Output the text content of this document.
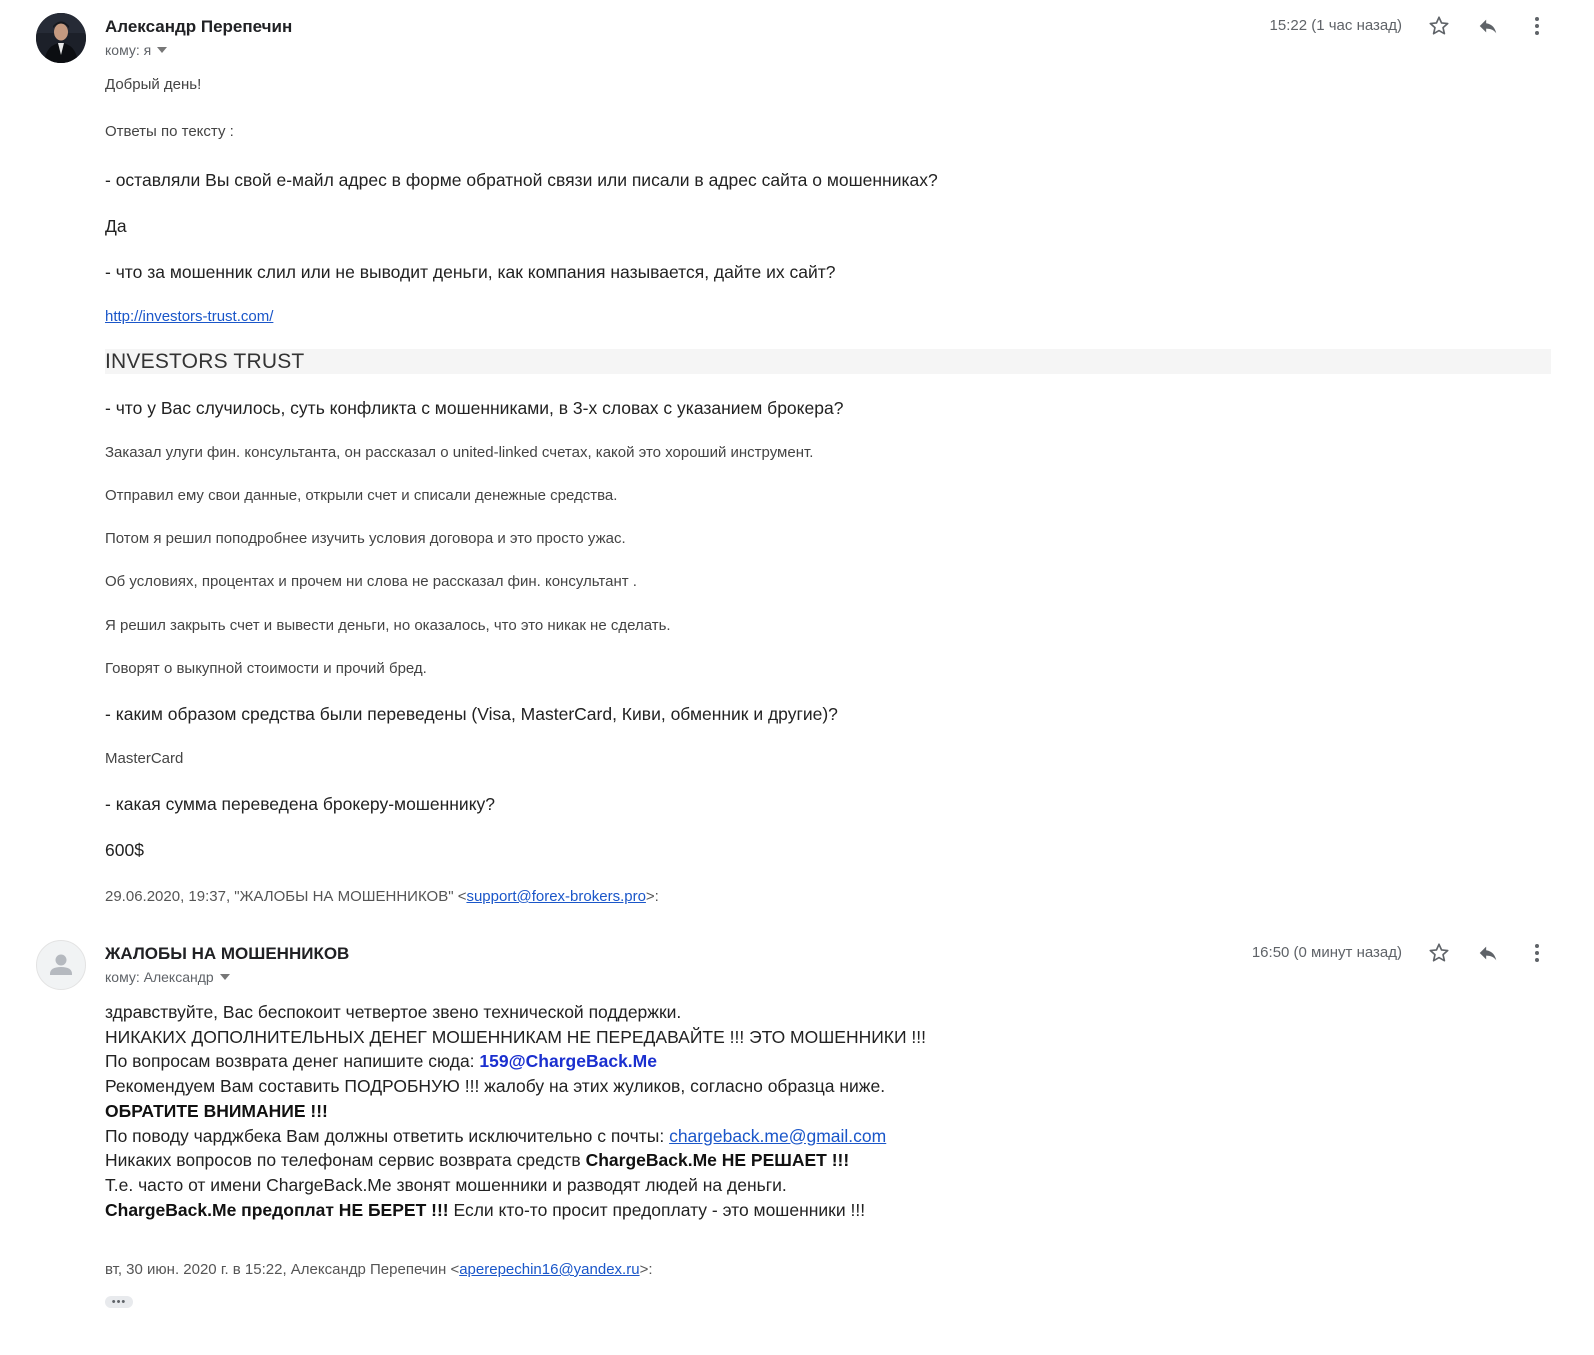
Александр Перепечин
кому: я
15:22 (1 час назад)
Добрый день!
Ответы по тексту :
- оставляли Вы свой е-майл адрес в форме обратной связи или писали в адрес сайта о мошенниках?
Да
- что за мошенник слил или не выводит деньги, как компания называется, дайте их сайт?
http://investors-trust.com/
INVESTORS TRUST
- что у Вас случилось, суть конфликта с мошенниками, в 3-х словах с указанием брокера?
Заказал улуги фин. консультанта, он рассказал о united-linked счетах, какой это хороший инструмент.
Отправил ему свои данные, открыли счет и списали денежные средства.
Потом я решил поподробнее изучить условия договора и это просто ужас.
Об условиях, процентах и прочем ни слова не рассказал фин. консультант .
Я решил закрыть счет и вывести деньги, но оказалось, что это никак не сделать.
Говорят о выкупной стоимости и прочий бред.
- каким образом средства были переведены (Visa, MasterCard, Киви, обменник и другие)?
MasterCard
- какая сумма переведена брокеру-мошеннику?
600$
29.06.2020, 19:37, "ЖАЛОБЫ НА МОШЕННИКОВ" <support@forex-brokers.pro>:
ЖАЛОБЫ НА МОШЕННИКОВ
кому: Александр
16:50 (0 минут назад)
здравствуйте, Вас беспокоит четвертое звено технической поддержки.
НИКАКИХ ДОПОЛНИТЕЛЬНЫХ ДЕНЕГ МОШЕННИКАМ НЕ ПЕРЕДАВАЙТЕ !!! ЭТО МОШЕННИКИ !!!
По вопросам возврата денег напишите сюда: 159@ChargeBack.Me
Рекомендуем Вам составить ПОДРОБНУЮ !!! жалобу на этих жуликов, согласно образца ниже.
ОБРАТИТЕ ВНИМАНИЕ !!!
По поводу чарджбека Вам должны ответить исключительно с почты: chargeback.me@gmail.com
Никаких вопросов по телефонам сервис возврата средств ChargeBack.Me НЕ РЕШАЕТ !!!
Т.е. часто от имени ChargeBack.Me звонят мошенники и разводят людей на деньги.
ChargeBack.Me предоплат НЕ БЕРЕТ !!! Если кто-то просит предоплату - это мошенники !!!
вт, 30 июн. 2020 г. в 15:22, Александр Перепечин <aperepechin16@yandex.ru>:
•••
